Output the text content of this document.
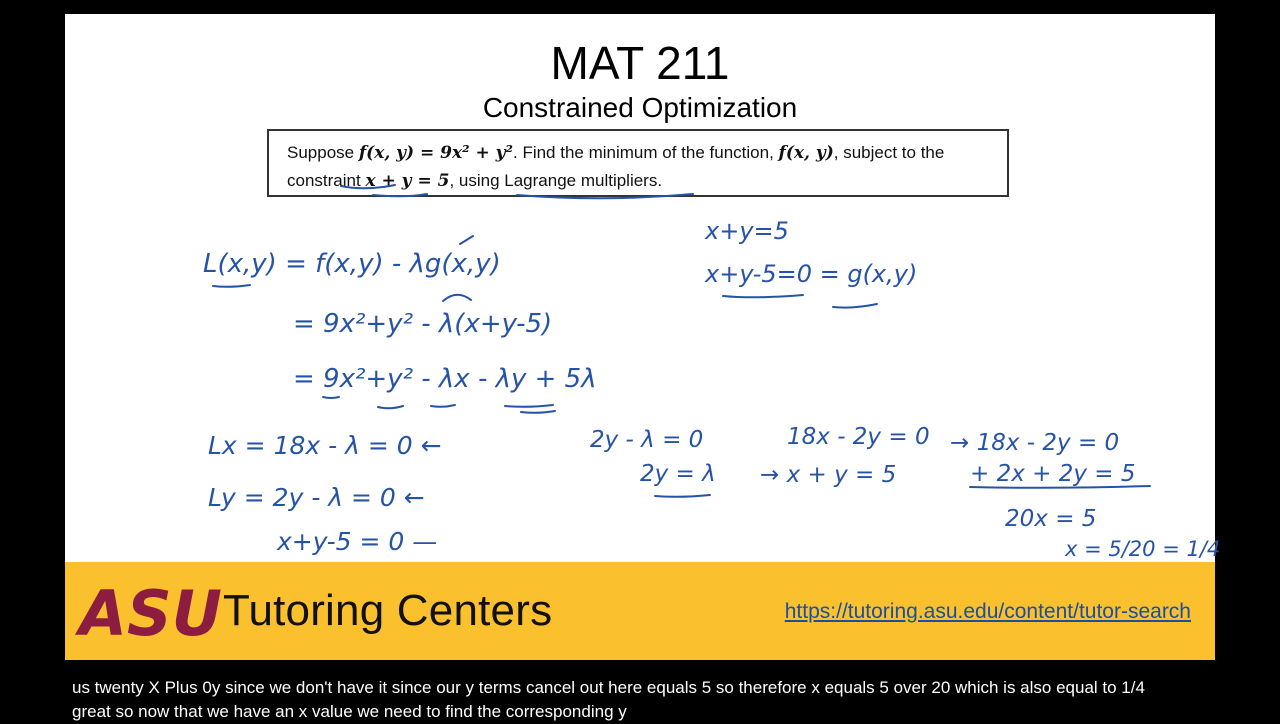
MAT 211
Constrained Optimization
Suppose f(x, y) = 9x² + y². Find the minimum of the function, f(x, y), subject to the
constraint x + y = 5, using Lagrange multipliers.
L(x,y) = f(x,y) - λg(x,y)
= 9x²+y² - λ(x+y-5)
= 9x²+y² - λx - λy + 5λ
x+y=5
x+y-5=0 = g(x,y)
Lx = 18x - λ = 0 ←
Ly = 2y - λ = 0 ←
x+y-5 = 0 —
2y - λ = 0
2y = λ
18x - 2y = 0
→ x + y = 5
→ 18x - 2y = 0
+ 2x + 2y = 5
20x = 5
x = 5/20 = 1/4
ASU Tutoring Centers	https://tutoring.asu.edu/content/tutor-search
us twenty X Plus 0y since we don't have it since our y terms cancel out here equals 5 so therefore x equals 5 over 20 which is also equal to 1/4
great so now that we have an x value we need to find the corresponding y
